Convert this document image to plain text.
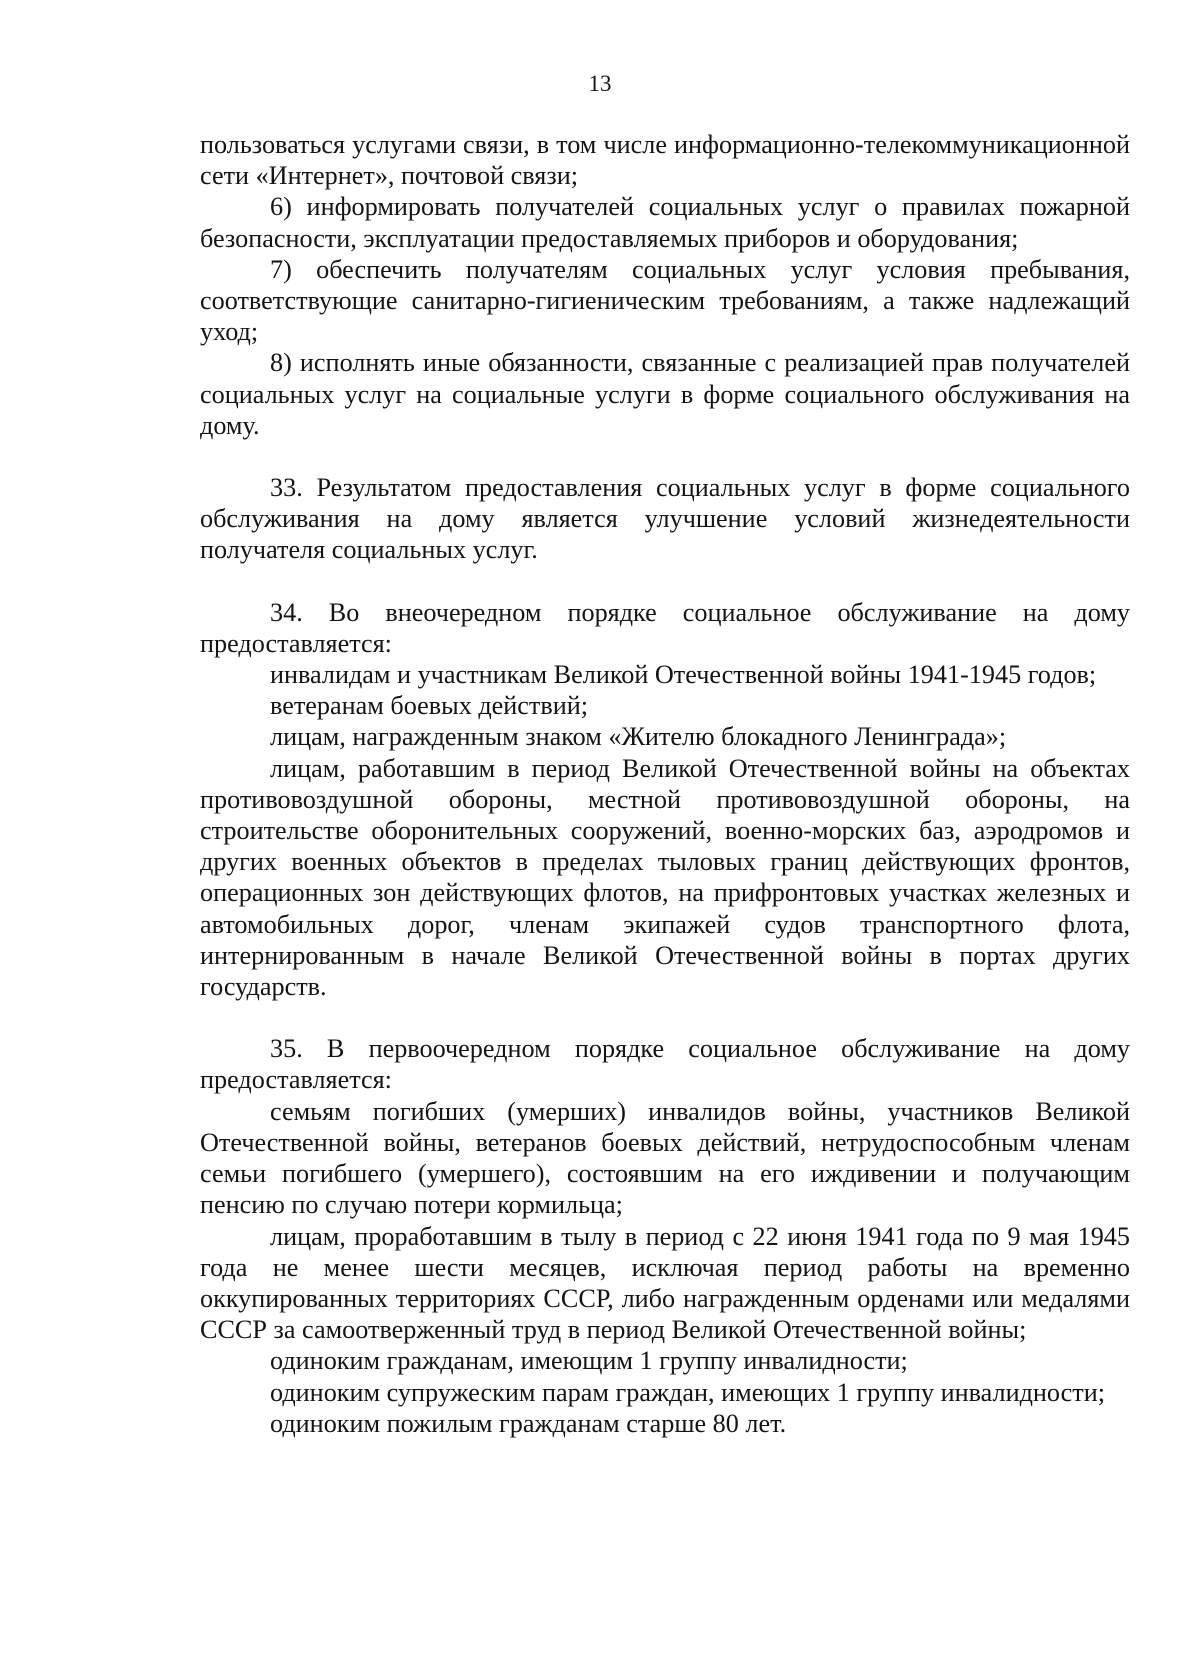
13

пользоваться услугами связи, в том числе информационно-телекоммуникационной сети «Интернет», почтовой связи;

6) информировать получателей социальных услуг о правилах пожарной безопасности, эксплуатации предоставляемых приборов и оборудования;

7) обеспечить получателям социальных услуг условия пребывания, соответствующие санитарно-гигиеническим требованиям, а также надлежащий уход;

8) исполнять иные обязанности, связанные с реализацией прав получателей социальных услуг на социальные услуги в форме социального обслуживания на дому.

33. Результатом предоставления социальных услуг в форме социального обслуживания на дому является улучшение условий жизнедеятельности получателя социальных услуг.

34. Во внеочередном порядке социальное обслуживание на дому предоставляется:

инвалидам и участникам Великой Отечественной войны 1941-1945 годов;

ветеранам боевых действий;

лицам, награжденным знаком «Жителю блокадного Ленинграда»;

лицам, работавшим в период Великой Отечественной войны на объектах противовоздушной обороны, местной противовоздушной обороны, на строительстве оборонительных сооружений, военно-морских баз, аэродромов и других военных объектов в пределах тыловых границ действующих фронтов, операционных зон действующих флотов, на прифронтовых участках железных и автомобильных дорог, членам экипажей судов транспортного флота, интернированным в начале Великой Отечественной войны в портах других государств.

35. В первоочередном порядке социальное обслуживание на дому предоставляется:

семьям погибших (умерших) инвалидов войны, участников Великой Отечественной войны, ветеранов боевых действий, нетрудоспособным членам семьи погибшего (умершего), состоявшим на его иждивении и получающим пенсию по случаю потери кормильца;

лицам, проработавшим в тылу в период с 22 июня 1941 года по 9 мая 1945 года не менее шести месяцев, исключая период работы на временно оккупированных территориях СССР, либо награжденным орденами или медалями СССР за самоотверженный труд в период Великой Отечественной войны;

одиноким гражданам, имеющим 1 группу инвалидности;

одиноким супружеским парам граждан, имеющих 1 группу инвалидности;

одиноким пожилым гражданам старше 80 лет.
